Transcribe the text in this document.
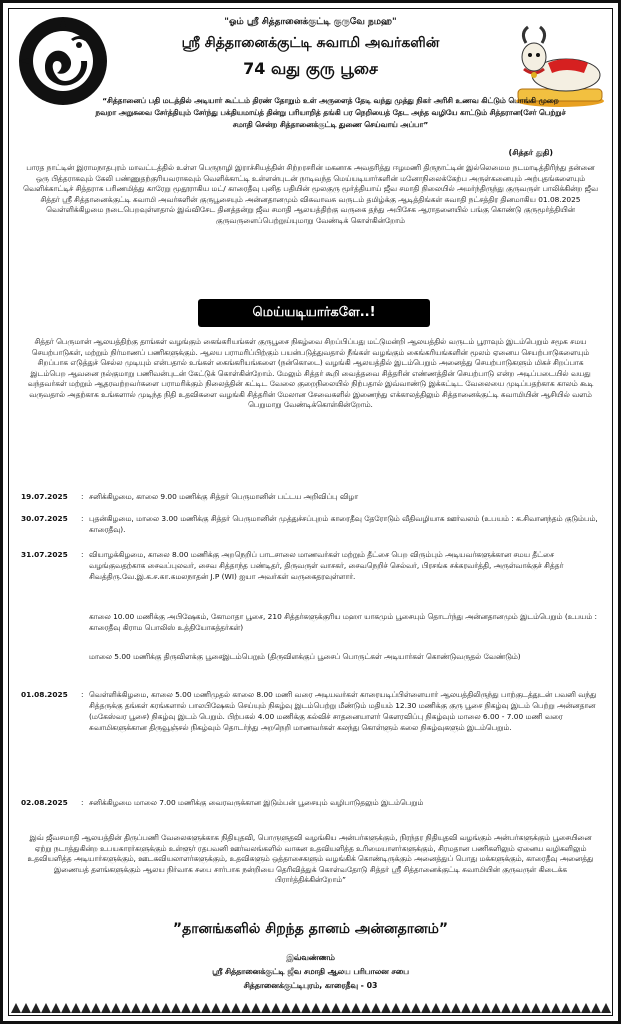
"ஓம் ஸ்ரீ சித்தானைக்குட்டி குருவே நமஹ"
ஸ்ரீ சித்தானைக்குட்டி சுவாமி அவர்களின்
74 வது குரு பூசை
“சித்தானைப் பதி மடத்தில் அடியார் கூட்டம் திரண் தோறும் உள் அருளைத் தேடி வந்து முத்து நிகர் அரிசி உணவ கிட்டும் பொங்கி முறை நவறா அறுசுவை சேர்த்தியும் சேர்ந்து பக்தியமாய்த் தின்று பரியாறித் தங்கி பர நெறியைத் தேட அந்த வழியே காட்டும் சித்தரான(சேர் பெற்றுச் சமாதி சென்ற சித்தானைக்குட்டி துணை செய்வாய் அப்பா”
(சித்தர் துதி)
பாரத நாட்டின் இராமநாதபுரம் மாவட்டத்தில் உள்ள பெருநாழி இராச்சியத்தின் சிற்றரசரின் மகனாக அவதரித்து ஈழமணி திருநாட்டின் இல்லெமைம நடமாடித்திரிந்து தன்னை ஒரு பித்தராகவும் கேலி பண்ணுதற்குரியவராகவும் வெளிக்காட்டி உள்ளன்புடன் நாடிவந்த மெய்யடியார்களின் மனோநிலைக்கேற்ப அருள்கனையும் அற்புதங்களையும் வெளிக்காட்டிச் சித்தராக பரிணமித்து காரேறு மூதூராகிய மட்/ காரைதீவு புனித பதியின் மூலகுரு மூர்த்தியாய் ஜீவ சமாதி நிலையில் அமர்ந்திருந்து குருவருள் பாலிக்கின்ற ஜீவ சித்தர் ஸ்ரீ சித்தானைக்குட்டி சுவாமி அவர்களின் குருபூசையும் அன்னதானமும் விசுவாவசு வருடம் தமிழ்க்கு ஆடித்திங்கள் சுவாதி நட்சத்திர தினமாகிய 01.08.2025 வெள்ளிக்கிழமை நடைபெறவுள்ளதால் இவ்விசேட தினத்தன்று ஜீவ சமாதி ஆலயத்திற்கு வருகை தந்து அபிசேக ஆராதனையில் பங்கு கொண்டு குருமூர்த்தியின் குருவருளைப்பெற்றுய்யுமாறு வேண்டிக் கொள்கின்றோம்
மெய்யடியார்களே..!
சித்தர் பெருமான் ஆலயத்திற்கு தாங்கள் வழங்கும் கைங்கரியங்கள் குருபூசை நிகழ்வை சிறப்பிப்பது மட்டுமன்றி ஆலயத்தில் வருடம் பூராவும் இடம்பெறும் சமூக சமய செயற்பாடுகள், மற்றும் நிர்மாணப் பணிகளுக்கும். ஆலய பராமரிப்பிற்கும் பயன்படுத்துவதால் நீங்கள் வழங்கும் கைங்கரியங்களின் மூலம் ஏனைய செயற்பாடுகளையும் சிறப்பாக எடுத்துச் செல்ல முடியும் என்பதால் உங்கள் கைங்கரியங்களை (நன்கொடை) வழங்கி ஆலயத்தில் இடம்பெறும் அனைத்து செயற்பாடுகளும் மிகச் சிறப்பாக இடம்பெற ஆவனை நல்குமாறு பணிவன்புடன் கேட்டுக் கொள்கின்றோம். மேலும் சித்தர் கூறி வைத்தவை சித்தரின் எண்ணத்தின் செயற்பாடு என்ற அடிப்படையில் வயது வந்தவர்கள் மற்றும் ஆதரவற்றவர்களை பராமரிக்கும் நிலைத்தின் கட்டிட வேலை குறைநிலையில் நிற்பதால் இவ்வாண்டு இக்கட்டிட வேலையை முடிப்பதற்காக காலம் கூடி வருவதால் அதற்காக உங்களால் முடிந்த நிதி உதவிகளை வழங்கி சித்தரின் மேலான சேவைகளில் இணைந்து எக்காலத்திலும் சித்தானைக்குட்டி சுவாமியின் ஆசியில் வளம் பெறுமாறு வேண்டிக்கொள்கின்றோம்.
19.07.2025	: சனிக்கிழமை, காலை 9.00 மணிக்கு சித்தர் பெருமானின் பட்டய அறிவிப்பு விழா
30.07.2025	: புதன்கிழமை, மாலை 3.00 மணிக்கு சித்தர் பெருமானின் முத்துச்சப்புறம் காரைதீவு தேரோடும் வீதிவழியாக ஊர்வலம் (உபயம் : க.சிவானந்தம் குடும்பம், காரைதீவு).
31.07.2025	: வியாழக்கிழமை, காலை 8.00 மணிக்கு அறநெறிப் பாடசாலை மாணவர்கள் மற்றும் தீட்சை பெற விரும்பும் அடியவர்களுக்கான சமய தீட்சை வழங்குவதற்காக சைவப்புலவர், சைவ சித்தாந்த பண்டிதர், திருவருள் வாசகர், சைவநெறிச் செல்வர், பிரசங்க சக்கரவர்த்தி, அருள்வாக்குச் சித்தர் சிவத்திரு.வே.இ.க.ச.கா.கமலநாதன் J.P (WI) ஐயா அவர்கள் வருகைதரவுள்ளார்.
காலை 10.00 மணிக்கு அபிஷேகம், கோமாதா பூசை, 210 சித்தர்களுக்குரிய மஹா யாகமும் பூசையும் தொடர்ந்து அன்னதானமும் இடம்பெறும் (உபயம் : காரைதீவு கிராம பொலிஸ் உத்தியோகத்தர்கள்)
மாலை 5.00 மணிக்கு திருவிளக்கு பூசைஇடம்பெறும் (திருவிளக்குப் பூசைப் பொருட்கள் அடியார்கள் கொண்டுவருதல் வேண்டும்)
01.08.2025	: வெள்ளிக்கிழமை, காலை 5.00 மணிமுதல் காலை 8.00 மணி வரை அடியவர்கள் காரையடிப்பிள்ளையார் ஆலயத்திலிருந்து பாற்குடத்துடன் பவனி வந்து சித்தருக்கு தங்கள் கரங்களால் பாலபிஷேகம் செய்யும் நிகழ்வு இடம்பெற்று மீண்டும் மதியம் 12.30 மணிக்கு குரு பூசை நிகழ்வு இடம் பெற்று அன்னதான (மகேஸ்வர பூசை) நிகழ்வு இடம் பெறும். பிற்பகல் 4.00 மணிக்கு கல்விச் சாதனையாளர் கௌரவிப்பு நிகழ்வும் மாலை 6.00 - 7.00 மணி வரை சுவாமிகளுக்கான திருவூஞ்சல் நிகழ்வும் தொடர்ந்து அறநெறி மாணவர்கள் கலந்து கொள்ளும் கலை நிகழ்வுகளும் இடம்பெறும்.
02.08.2025	: சனிக்கிழமை மாலை 7.00 மணிக்கு வைரவருக்கான இடும்பன் பூசையும் வழிபாடுதலும் இடம்பெறும்
இவ் ஜீவசமாதி ஆலயத்தின் திருப்பணி வேலைகளுக்காக நிதியுதவி, பொருளுதவி வழங்கிய அன்பர்களுக்கும், நிரந்தர நிதியுதவி வழங்கும் அன்பர்களுக்கும் பூசையினை ஏற்று நடாத்துகின்ற உபயகாரர்களுக்கும் உள்ளூர் ரதபவனி ஊர்வலங்களில் வாகன உதவியளித்த உரிமையாளர்களுக்கும், சிரமதான பணிகளிலும் ஏனைய வழிகளிலும் உதவியளித்த அடியார்களுக்கும், ஊடகவியலாளர்களுக்கும், உதவிகளும் ஒத்தாசைகளும் வழங்கிக் கொண்டிருக்கும் அனைத்துப் பொது மக்களுக்கும், காரைதீவு அனைத்து இணையத் தளங்களுக்கும் ஆலய நிர்வாக சபை சார்பாக நன்றியை தெரிவித்துக் கொள்வதோடு சித்தர் ஸ்ரீ சித்தானைக்குட்டி சுவாமியின் குருவருள் கிடைக்க பிரார்த்திக்கின்றோம்”
”தானங்களில் சிறந்த தானம் அன்னதானம்”
இவ்வண்ணம்
ஸ்ரீ சித்தானைக்குட்டி ஜீவ சமாதி ஆலய பரிபாலன சபை
சித்தானைக்குட்டிபுரம், காரைதீவு - 03
